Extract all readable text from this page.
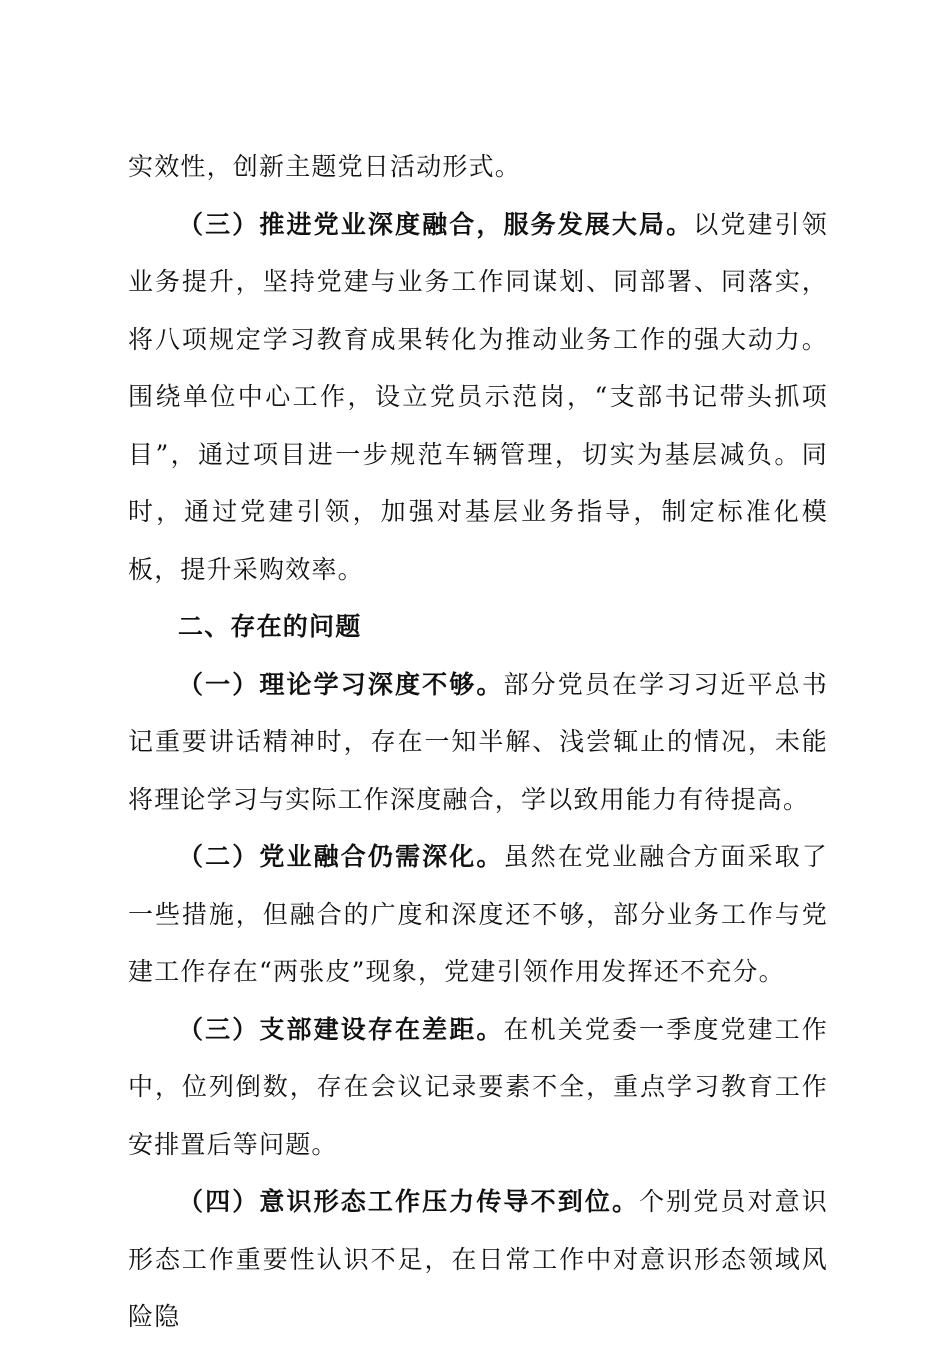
实效性，创新主题党日活动形式。

（三）推进党业深度融合，服务发展大局。以党建引领业务提升，坚持党建与业务工作同谋划、同部署、同落实，将八项规定学习教育成果转化为推动业务工作的强大动力。围绕单位中心工作，设立党员示范岗，“支部书记带头抓项目”，通过项目进一步规范车辆管理，切实为基层减负。同时，通过党建引领，加强对基层业务指导，制定标准化模板，提升采购效率。

二、存在的问题

（一）理论学习深度不够。部分党员在学习习近平总书记重要讲话精神时，存在一知半解、浅尝辄止的情况，未能将理论学习与实际工作深度融合，学以致用能力有待提高。

（二）党业融合仍需深化。虽然在党业融合方面采取了一些措施，但融合的广度和深度还不够，部分业务工作与党建工作存在“两张皮”现象，党建引领作用发挥还不充分。

（三）支部建设存在差距。在机关党委一季度党建工作中，位列倒数，存在会议记录要素不全，重点学习教育工作安排置后等问题。

（四）意识形态工作压力传导不到位。个别党员对意识形态工作重要性认识不足，在日常工作中对意识形态领域风险隐
